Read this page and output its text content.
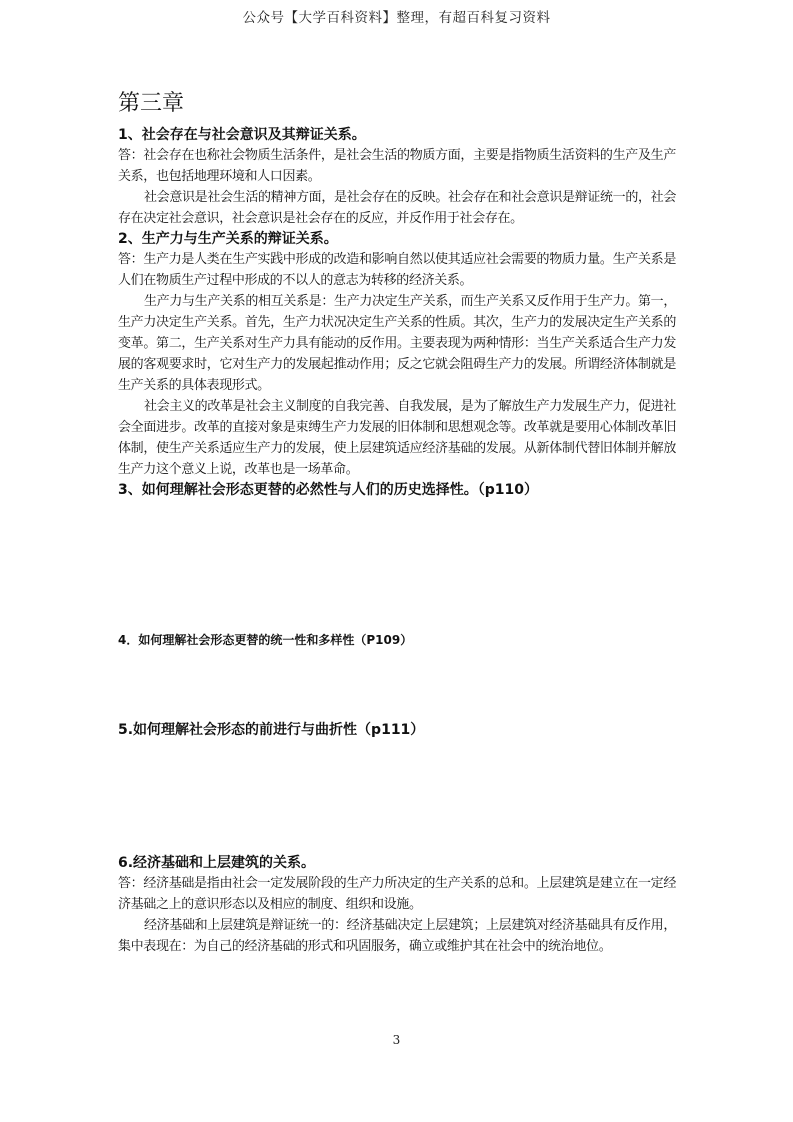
公众号【大学百科资料】整理，有超百科复习资料
第三章
1、社会存在与社会意识及其辩证关系。

答：社会存在也称社会物质生活条件，是社会生活的物质方面，主要是指物质生活资料的生产及生产关系，也包括地理环境和人口因素。

社会意识是社会生活的精神方面，是社会存在的反映。社会存在和社会意识是辩证统一的，社会存在决定社会意识，社会意识是社会存在的反应，并反作用于社会存在。

2、生产力与生产关系的辩证关系。

答：生产力是人类在生产实践中形成的改造和影响自然以使其适应社会需要的物质力量。生产关系是人们在物质生产过程中形成的不以人的意志为转移的经济关系。

生产力与生产关系的相互关系是：生产力决定生产关系，而生产关系又反作用于生产力。第一，生产力决定生产关系。首先，生产力状况决定生产关系的性质。其次，生产力的发展决定生产关系的变革。第二，生产关系对生产力具有能动的反作用。主要表现为两种情形：当生产关系适合生产力发展的客观要求时，它对生产力的发展起推动作用；反之它就会阻碍生产力的发展。所谓经济体制就是生产关系的具体表现形式。

社会主义的改革是社会主义制度的自我完善、自我发展，是为了解放生产力发展生产力，促进社会全面进步。改革的直接对象是束缚生产力发展的旧体制和思想观念等。改革就是要用心体制改革旧体制，使生产关系适应生产力的发展，使上层建筑适应经济基础的发展。从新体制代替旧体制并解放生产力这个意义上说，改革也是一场革命。

3、如何理解社会形态更替的必然性与人们的历史选择性。（p110）
4．如何理解社会形态更替的统一性和多样性（P109）
5.如何理解社会形态的前进行与曲折性（p111）
6.经济基础和上层建筑的关系。

答：经济基础是指由社会一定发展阶段的生产力所决定的生产关系的总和。上层建筑是建立在一定经济基础之上的意识形态以及相应的制度、组织和设施。

经济基础和上层建筑是辩证统一的：经济基础决定上层建筑；上层建筑对经济基础具有反作用，集中表现在：为自己的经济基础的形式和巩固服务，确立或维护其在社会中的统治地位。

3
